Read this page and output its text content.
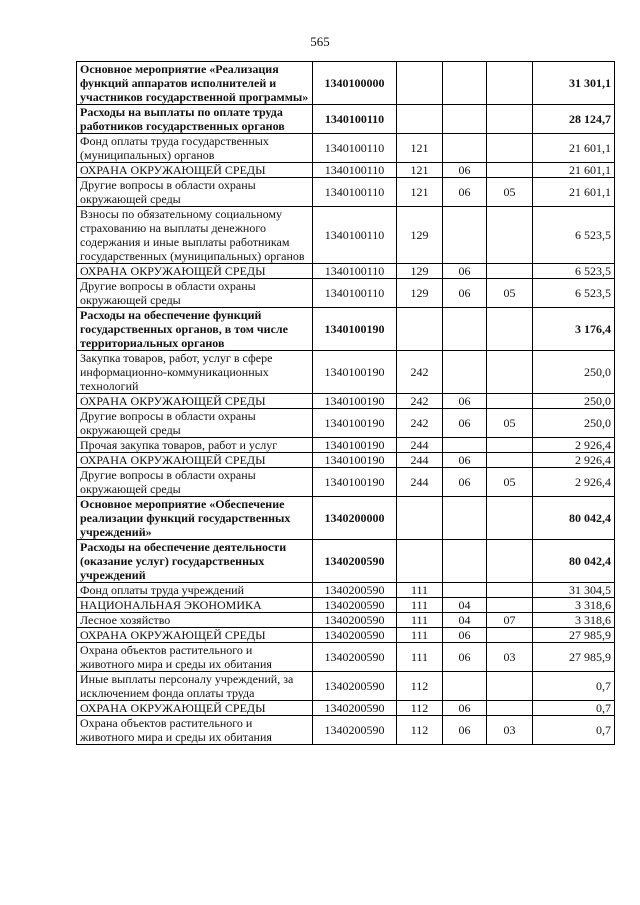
565
Основное мероприятие «Реализация функций аппаратов исполнителей и участников государственной программы»	1340100000				31 301,1
Расходы на выплаты по оплате труда работников государственных органов	1340100110				28 124,7
Фонд оплаты труда государственных (муниципальных) органов	1340100110	121			21 601,1
ОХРАНА ОКРУЖАЮЩЕЙ СРЕДЫ	1340100110	121	06		21 601,1
Другие вопросы в области охраны окружающей среды	1340100110	121	06	05	21 601,1
Взносы по обязательному социальному страхованию на выплаты денежного содержания и иные выплаты работникам государственных (муниципальных) органов	1340100110	129			6 523,5
ОХРАНА ОКРУЖАЮЩЕЙ СРЕДЫ	1340100110	129	06		6 523,5
Другие вопросы в области охраны окружающей среды	1340100110	129	06	05	6 523,5
Расходы на обеспечение функций государственных органов, в том числе территориальных органов	1340100190				3 176,4
Закупка товаров, работ, услуг в сфере информационно-коммуникационных технологий	1340100190	242			250,0
ОХРАНА ОКРУЖАЮЩЕЙ СРЕДЫ	1340100190	242	06		250,0
Другие вопросы в области охраны окружающей среды	1340100190	242	06	05	250,0
Прочая закупка товаров, работ и услуг	1340100190	244			2 926,4
ОХРАНА ОКРУЖАЮЩЕЙ СРЕДЫ	1340100190	244	06		2 926,4
Другие вопросы в области охраны окружающей среды	1340100190	244	06	05	2 926,4
Основное мероприятие «Обеспечение реализации функций государственных учреждений»	1340200000				80 042,4
Расходы на обеспечение деятельности (оказание услуг) государственных учреждений	1340200590				80 042,4
Фонд оплаты труда учреждений	1340200590	111			31 304,5
НАЦИОНАЛЬНАЯ ЭКОНОМИКА	1340200590	111	04		3 318,6
Лесное хозяйство	1340200590	111	04	07	3 318,6
ОХРАНА ОКРУЖАЮЩЕЙ СРЕДЫ	1340200590	111	06		27 985,9
Охрана объектов растительного и животного мира и среды их обитания	1340200590	111	06	03	27 985,9
Иные выплаты персоналу учреждений, за исключением фонда оплаты труда	1340200590	112			0,7
ОХРАНА ОКРУЖАЮЩЕЙ СРЕДЫ	1340200590	112	06		0,7
Охрана объектов растительного и животного мира и среды их обитания	1340200590	112	06	03	0,7
